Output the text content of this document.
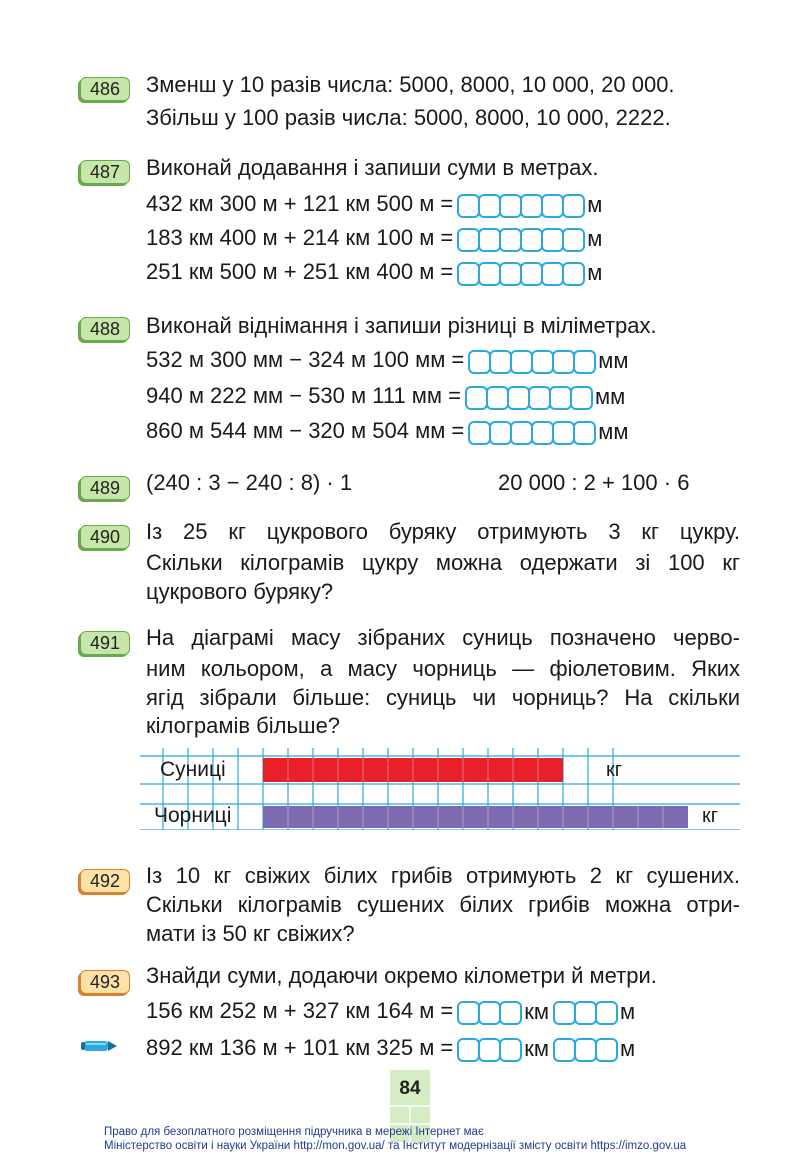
486	Зменш у 10 разів числа: 5000, 8000, 10 000, 20 000.
Збільш у 100 разів числа: 5000, 8000, 10 000, 2222.
487	Виконай додавання і запиши суми в метрах.
432 км 300 м + 121 км 500 м =	м
183 км 400 м + 214 км 100 м =	м
251 км 500 м + 251 км 400 м =	м
488	Виконай віднімання і запиши різниці в міліметрах.
532 м 300 мм − 324 м 100 мм =	мм
940 м 222 мм − 530 м 111 мм =	мм
860 м 544 мм − 320 м 504 мм =	мм
489	(240 : 3 − 240 : 8) · 1	20 000 : 2 + 100 · 6
490	Із 25 кг цукрового буряку отримують 3 кг цукру.
Скільки кілограмів цукру можна одержати зі 100 кг
цукрового буряку?
491	На діаграмі масу зібраних суниць позначено черво-
ним кольором, а масу чорниць — фіолетовим. Яких
ягід зібрали більше: суниць чи чорниць? На скільки
кілограмів більше?
Суниці
Чорниці
кг
кг
492	Із 10 кг свіжих білих грибів отримують 2 кг сушених.
Скільки кілограмів сушених білих грибів можна отри-
мати із 50 кг свіжих?
493	Знайди суми, додаючи окремо кілометри й метри.
156 км 252 м + 327 км 164 м =	км	м
892 км 136 м + 101 км 325 м =	км	м
84
Право для безоплатного розміщення підручника в мережі Інтернет має
Міністерство освіти і науки України http://mon.gov.ua/ та Інститут модернізації змісту освіти https://imzo.gov.ua
